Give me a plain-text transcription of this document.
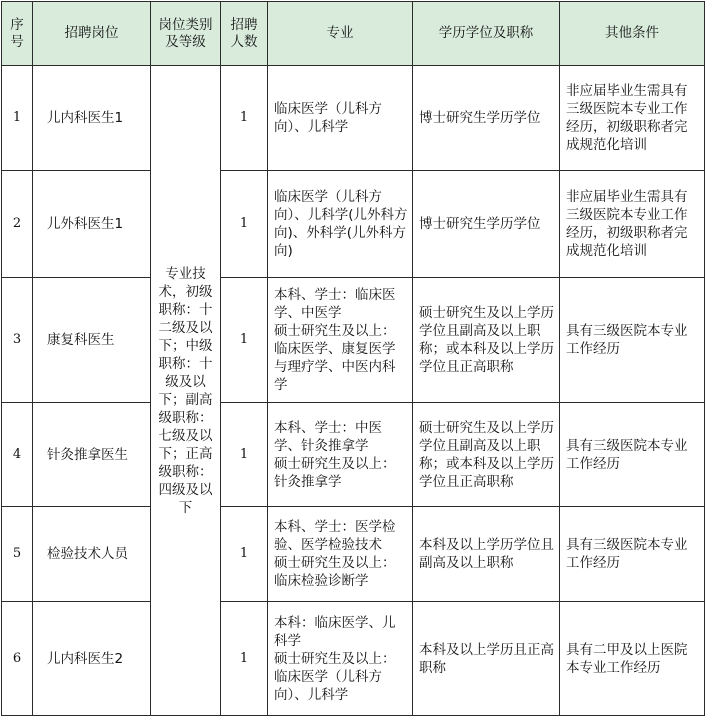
序号	招聘岗位	岗位类别及等级	招聘人数	专业	学历学位及职称	其他条件
1	儿内科医生1	专业技术，初级职称：十二级及以下；中级职称：十级及以下；副高级职称：七级及以下；正高级职称：四级及以下	1	临床医学（儿科方向）、儿科学	博士研究生学历学位	非应届毕业生需具有三级医院本专业工作经历，初级职称者完成规范化培训
2	儿外科医生1		1	临床医学（儿科方向）、儿科学(儿外科方向)、外科学(儿外科方向)	博士研究生学历学位	非应届毕业生需具有三级医院本专业工作经历，初级职称者完成规范化培训
3	康复科医生		1	本科、学士：临床医学、中医学
硕士研究生及以上：临床医学、康复医学与理疗学、中医内科学	硕士研究生及以上学历学位且副高及以上职称；或本科及以上学历学位且正高职称	具有三级医院本专业工作经历
4	针灸推拿医生		1	本科、学士：中医学、针灸推拿学
硕士研究生及以上：针灸推拿学	硕士研究生及以上学历学位且副高及以上职称；或本科及以上学历学位且正高职称	具有三级医院本专业工作经历
5	检验技术人员		1	本科、学士：医学检验、医学检验技术
硕士研究生及以上：临床检验诊断学	本科及以上学历学位且副高及以上职称	具有三级医院本专业工作经历
6	儿内科医生2		1	本科：临床医学、儿科学
硕士研究生及以上：临床医学（儿科方向）、儿科学	本科及以上学历且正高职称	具有二甲及以上医院本专业工作经历
